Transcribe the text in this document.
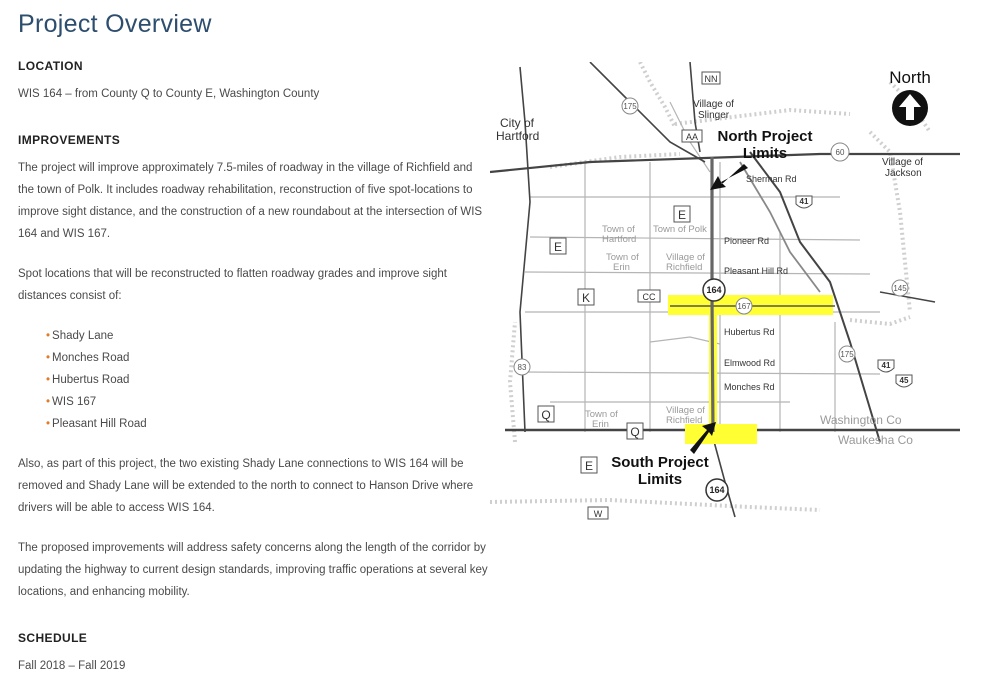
Project Overview
LOCATION

WIS 164 – from County Q to County E, Washington County

IMPROVEMENTS

The project will improve approximately 7.5-miles of roadway in the village of Richfield and the town of Polk. It includes roadway rehabilitation, reconstruction of five spot-locations to improve sight distance, and the construction of a new roundabout at the intersection of WIS 164 and WIS 167.

Spot locations that will be reconstructed to flatten roadway grades and improve sight distances consist of:

• Shady Lane
• Monches Road
• Hubertus Road
• WIS 167
• Pleasant Hill Road

Also, as part of this project, the two existing Shady Lane connections to WIS 164 will be removed and Shady Lane will be extended to the north to connect to Hanson Drive where drivers will be able to access WIS 164.

The proposed improvements will address safety concerns along the length of the corridor by updating the highway to current design standards, improving traffic operations at several key locations, and enhancing mobility.

SCHEDULE

Fall 2018 – Fall 2019

Washington Co
Waukesha Co
City of
Hartford
Village of
Slinger
Village of
Jackson
Town of
Hartford
Town of Polk
Town of
Erin
Village of
Richfield
Town of
Erin
Village of
Richfield
Sherman Rd
Pioneer Rd
Pleasant Hill Rd
Hubertus Rd
Elmwood Rd
Monches Rd
NN
AA
E
E
K	CC
Q
Q
E
W
175
60
41
145
175
41
45
83
167
164
164
North
North Project
Limits
South Project
Limits
